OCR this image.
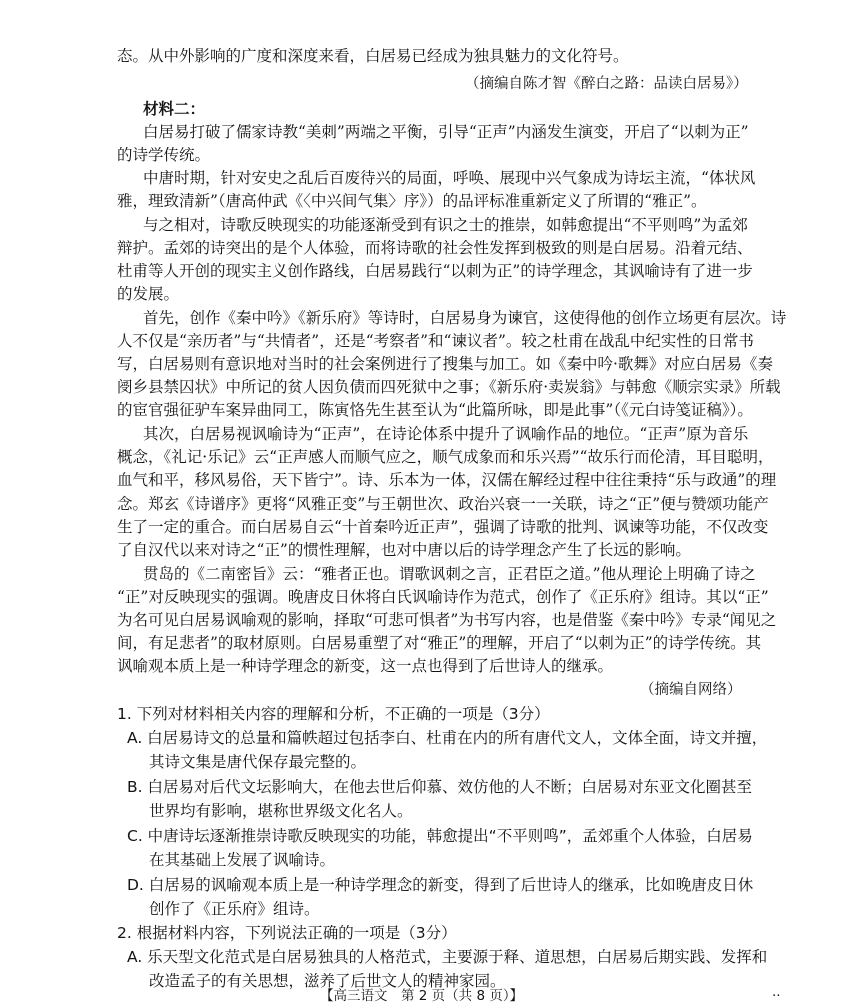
态。从中外影响的广度和深度来看，白居易已经成为独具魅力的文化符号。
（摘编自陈才智《醉白之路：品读白居易》）
材料二：
白居易打破了儒家诗教“美刺”两端之平衡，引导“正声”内涵发生演变，开启了“以刺为正”
的诗学传统。
中唐时期，针对安史之乱后百废待兴的局面，呼唤、展现中兴气象成为诗坛主流，“体状风
雅，理致清新”（唐高仲武《〈中兴间气集〉序》）的品评标准重新定义了所谓的“雅正”。
与之相对，诗歌反映现实的功能逐渐受到有识之士的推崇，如韩愈提出“不平则鸣”为孟郊
辩护。孟郊的诗突出的是个人体验，而将诗歌的社会性发挥到极致的则是白居易。沿着元结、
杜甫等人开创的现实主义创作路线，白居易践行“以刺为正”的诗学理念，其讽喻诗有了进一步
的发展。
首先，创作《秦中吟》《新乐府》等诗时，白居易身为谏官，这使得他的创作立场更有层次。诗
人不仅是“亲历者”与“共情者”，还是“考察者”和“谏议者”。较之杜甫在战乱中纪实性的日常书
写，白居易则有意识地对当时的社会案例进行了搜集与加工。如《秦中吟·歌舞》对应白居易《奏
阌乡县禁囚状》中所记的贫人因负债而四死狱中之事；《新乐府·卖炭翁》与韩愈《顺宗实录》所载
的宦官强征驴车案异曲同工，陈寅恪先生甚至认为“此篇所咏，即是此事”（《元白诗笺证稿》）。
其次，白居易视讽喻诗为“正声”，在诗论体系中提升了讽喻作品的地位。“正声”原为音乐
概念，《礼记·乐记》云“正声感人而顺气应之，顺气成象而和乐兴焉”“故乐行而伦清，耳目聪明，
血气和平，移风易俗，天下皆宁”。诗、乐本为一体，汉儒在解经过程中往往秉持“乐与政通”的理
念。郑玄《诗谱序》更将“风雅正变”与王朝世次、政治兴衰一一关联，诗之“正”便与赞颂功能产
生了一定的重合。而白居易自云“十首秦吟近正声”，强调了诗歌的批判、讽谏等功能，不仅改变
了自汉代以来对诗之“正”的惯性理解，也对中唐以后的诗学理念产生了长远的影响。
贯岛的《二南密旨》云：“雅者正也。谓歌讽刺之言，正君臣之道。”他从理论上明确了诗之
“正”对反映现实的强调。晚唐皮日休将白氏讽喻诗作为范式，创作了《正乐府》组诗。其以“正”
为名可见白居易讽喻观的影响，择取“可悲可惧者”为书写内容，也是借鉴《秦中吟》专录“闻见之
间，有足悲者”的取材原则。白居易重塑了对“雅正”的理解，开启了“以刺为正”的诗学传统。其
讽喻观本质上是一种诗学理念的新变，这一点也得到了后世诗人的继承。
（摘编自网络）
1. 下列对材料相关内容的理解和分析，不正确的一项是（3分）
A. 白居易诗文的总量和篇帙超过包括李白、杜甫在内的所有唐代文人，文体全面，诗文并擅，
其诗文集是唐代保存最完整的。
B. 白居易对后代文坛影响大，在他去世后仰慕、效仿他的人不断；白居易对东亚文化圈甚至
世界均有影响，堪称世界级文化名人。
C. 中唐诗坛逐渐推崇诗歌反映现实的功能，韩愈提出“不平则鸣”，孟郊重个人体验，白居易
在其基础上发展了讽喻诗。
D. 白居易的讽喻观本质上是一种诗学理念的新变，得到了后世诗人的继承，比如晚唐皮日休
创作了《正乐府》组诗。
2. 根据材料内容，下列说法正确的一项是（3分）
A. 乐天型文化范式是白居易独具的人格范式，主要源于释、道思想，白居易后期实践、发挥和
改造孟子的有关思想，滋养了后世文人的精神家园。
【高三语文　第 2 页（共 8 页）】	··
